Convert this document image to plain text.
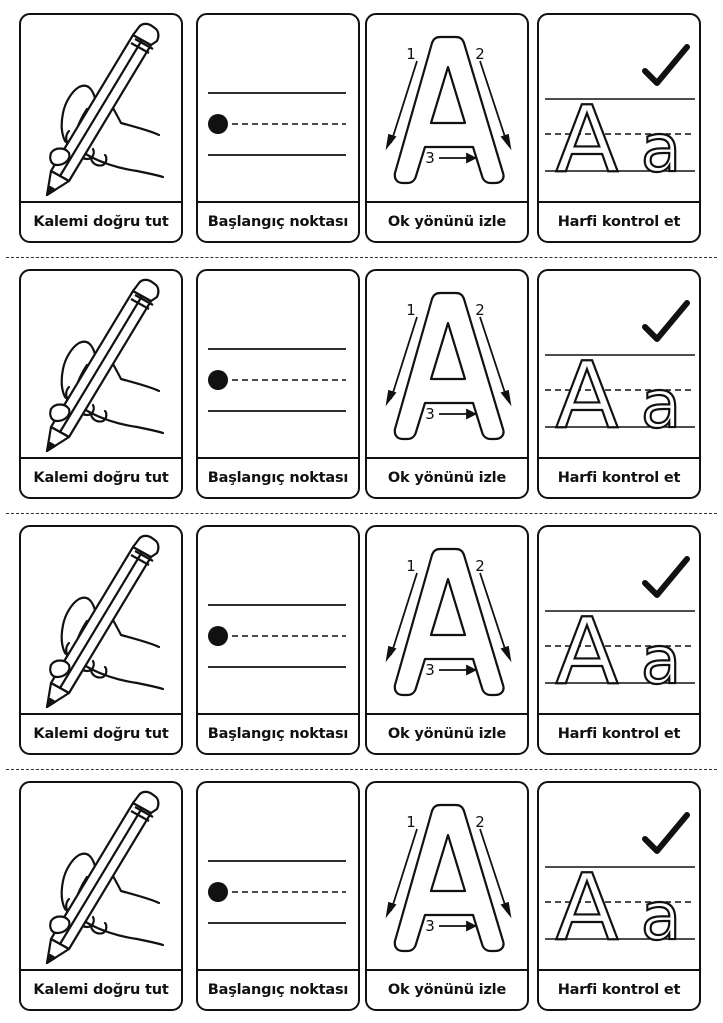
Kalemi doğru tut	Başlangıç noktası
1	2
3
Ok yönünü izle
A a
Harfi kontrol et
Kalemi doğru tut	Başlangıç noktası
1	2
3
Ok yönünü izle
A a
Harfi kontrol et
Kalemi doğru tut	Başlangıç noktası
1	2
3
Ok yönünü izle
A a
Harfi kontrol et
Kalemi doğru tut	Başlangıç noktası
1	2
3
Ok yönünü izle
A a
Harfi kontrol et
